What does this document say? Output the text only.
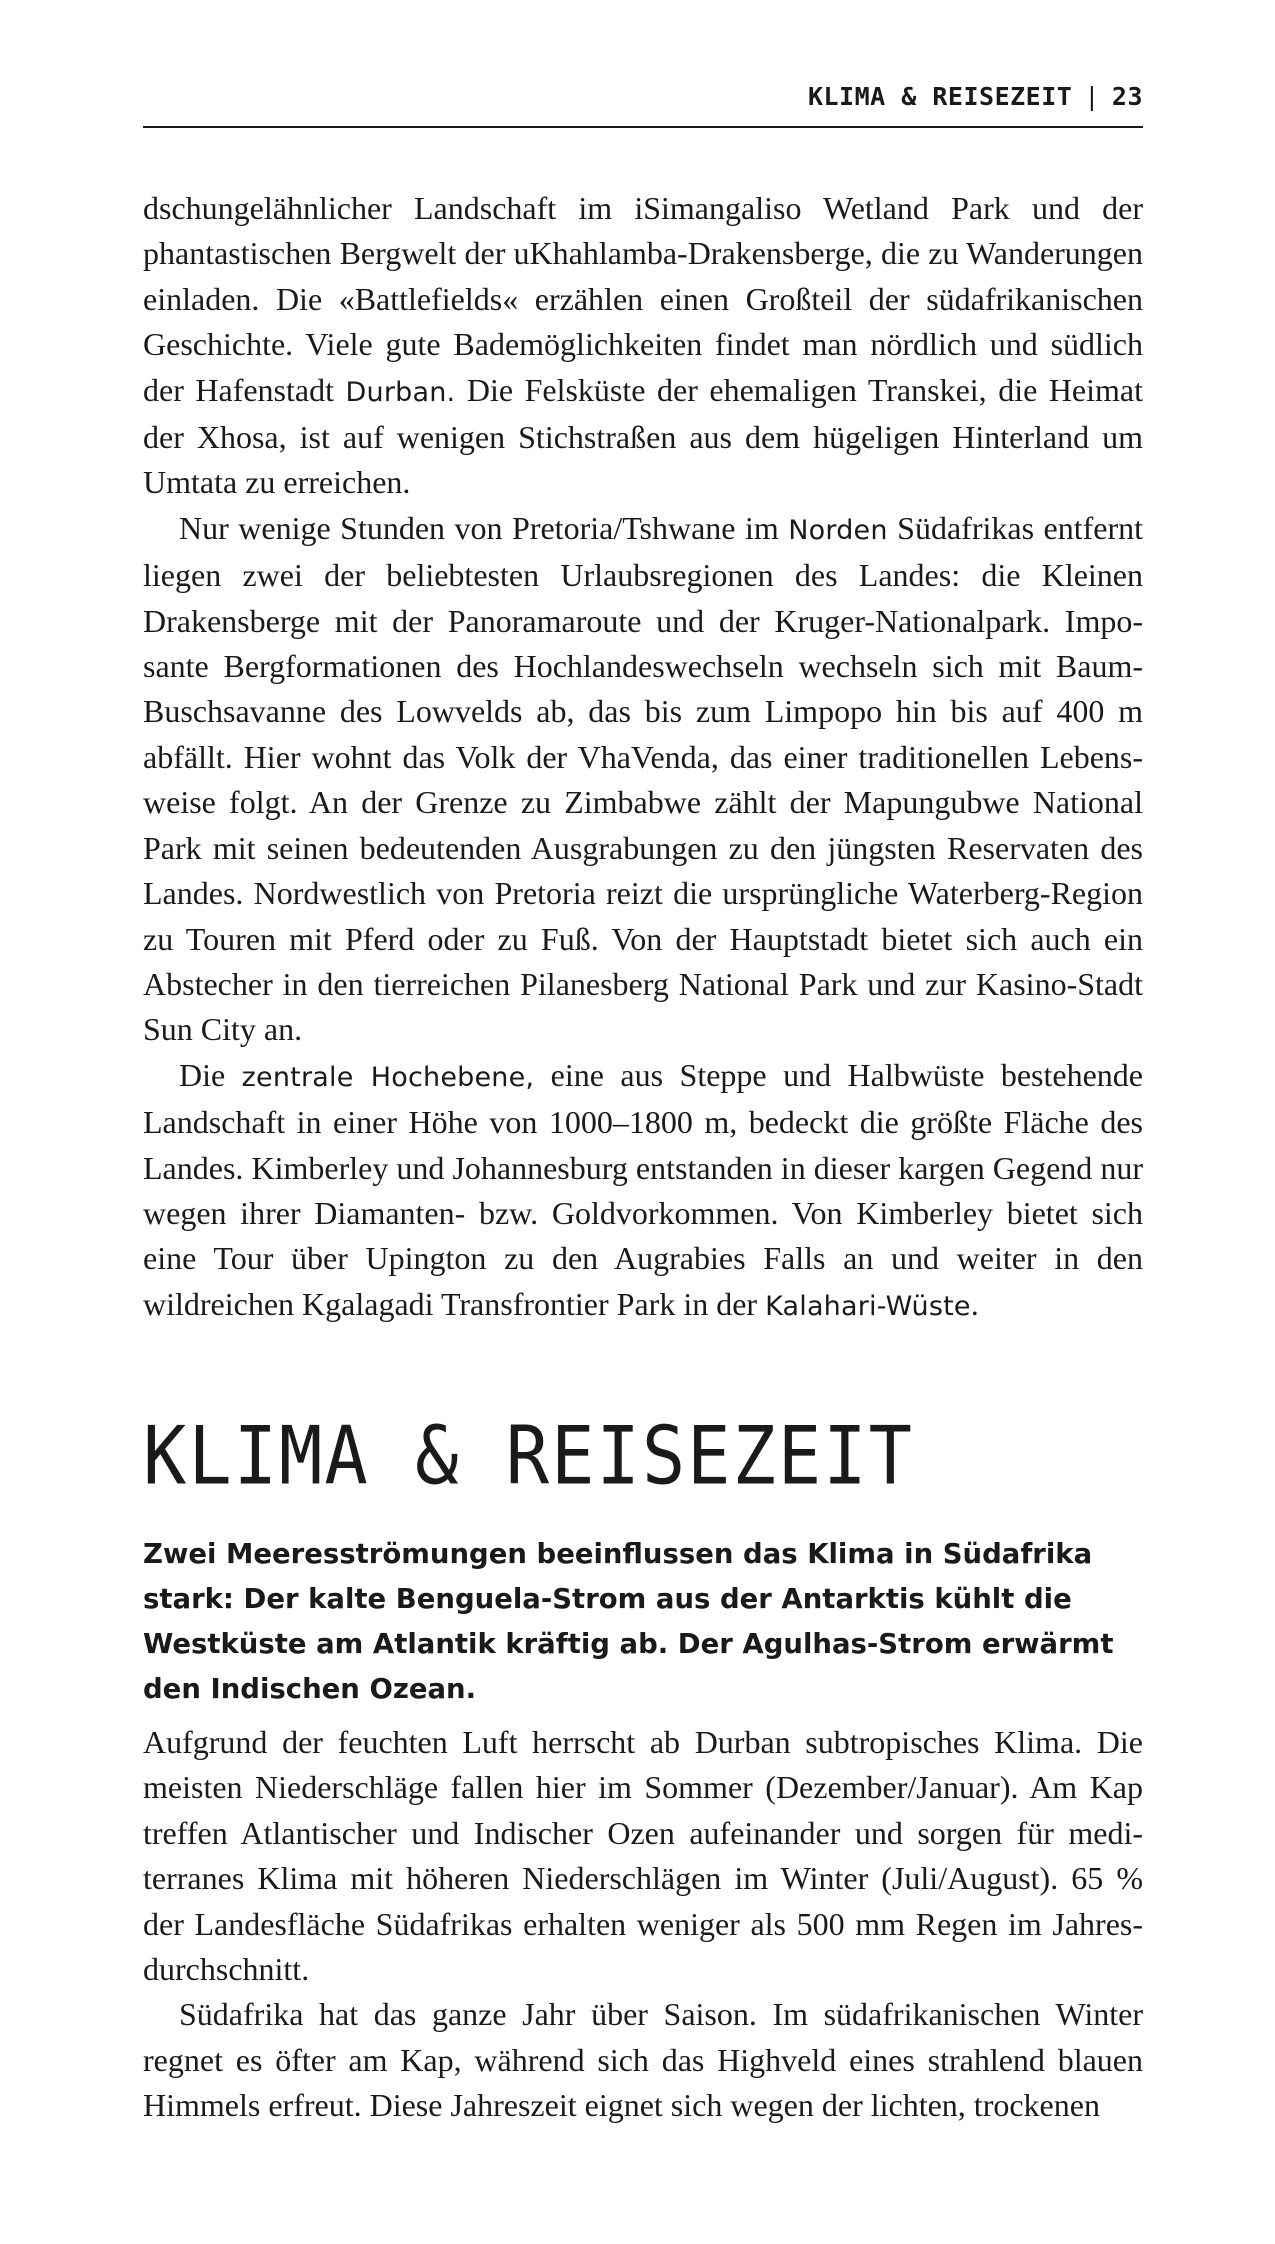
KLIMA & REISEZEIT | 23

dschungelähnlicher Landschaft im iSimangaliso Wetland Park und der phantastischen Bergwelt der uKhahlamba-Drakensberge, die zu Wanderungen einladen. Die «Battlefields« erzählen einen Großteil der südafrikanischen Geschichte. Viele gute Bademöglichkeiten findet man nördlich und südlich der Hafenstadt Durban. Die Felsküste der ehemaligen Transkei, die Heimat der Xhosa, ist auf wenigen Stichstraßen aus dem hügeligen Hinterland um Umtata zu erreichen.

Nur wenige Stunden von Pretoria/Tshwane im Norden Südafrikas entfernt liegen zwei der beliebtesten Urlaubsregionen des Landes: die Kleinen Drakensberge mit der Panoramaroute und der Kruger-Nationalpark. Imposante Bergformationen des Hochlandeswechseln wechseln sich mit Baum-Buschsavanne des Lowvelds ab, das bis zum Limpopo hin bis auf 400 m abfällt. Hier wohnt das Volk der VhaVenda, das einer traditionellen Lebensweise folgt. An der Grenze zu Zimbabwe zählt der Mapungubwe National Park mit seinen bedeutenden Ausgrabungen zu den jüngsten Reservaten des Landes. Nordwestlich von Pretoria reizt die ursprüngliche Waterberg-Region zu Touren mit Pferd oder zu Fuß. Von der Hauptstadt bietet sich auch ein Abstecher in den tierreichen Pilanesberg National Park und zur Kasino-Stadt Sun City an.

Die zentrale Hochebene, eine aus Steppe und Halbwüste bestehende Landschaft in einer Höhe von 1000–1800 m, bedeckt die größte Fläche des Landes. Kimberley und Johannesburg entstanden in dieser kargen Gegend nur wegen ihrer Diamanten- bzw. Goldvorkommen. Von Kimberley bietet sich eine Tour über Upington zu den Augrabies Falls an und weiter in den wildreichen Kgalagadi Transfrontier Park in der Kalahari-Wüste.

KLIMA & REISEZEIT

Zwei Meeresströmungen beeinflussen das Klima in Südafrika stark: Der kalte Benguela-Strom aus der Antarktis kühlt die Westküste am Atlantik kräftig ab. Der Agulhas-Strom erwärmt den Indischen Ozean.

Aufgrund der feuchten Luft herrscht ab Durban subtropisches Klima. Die meisten Niederschläge fallen hier im Sommer (Dezember/Januar). Am Kap treffen Atlantischer und Indischer Ozen aufeinander und sorgen für mediterranes Klima mit höheren Niederschlägen im Winter (Juli/August). 65 % der Landesfläche Südafrikas erhalten weniger als 500 mm Regen im Jahresdurchschnitt.

Südafrika hat das ganze Jahr über Saison. Im südafrikanischen Winter regnet es öfter am Kap, während sich das Highveld eines strahlend blauen Himmels erfreut. Diese Jahreszeit eignet sich wegen der lichten, trockenen
